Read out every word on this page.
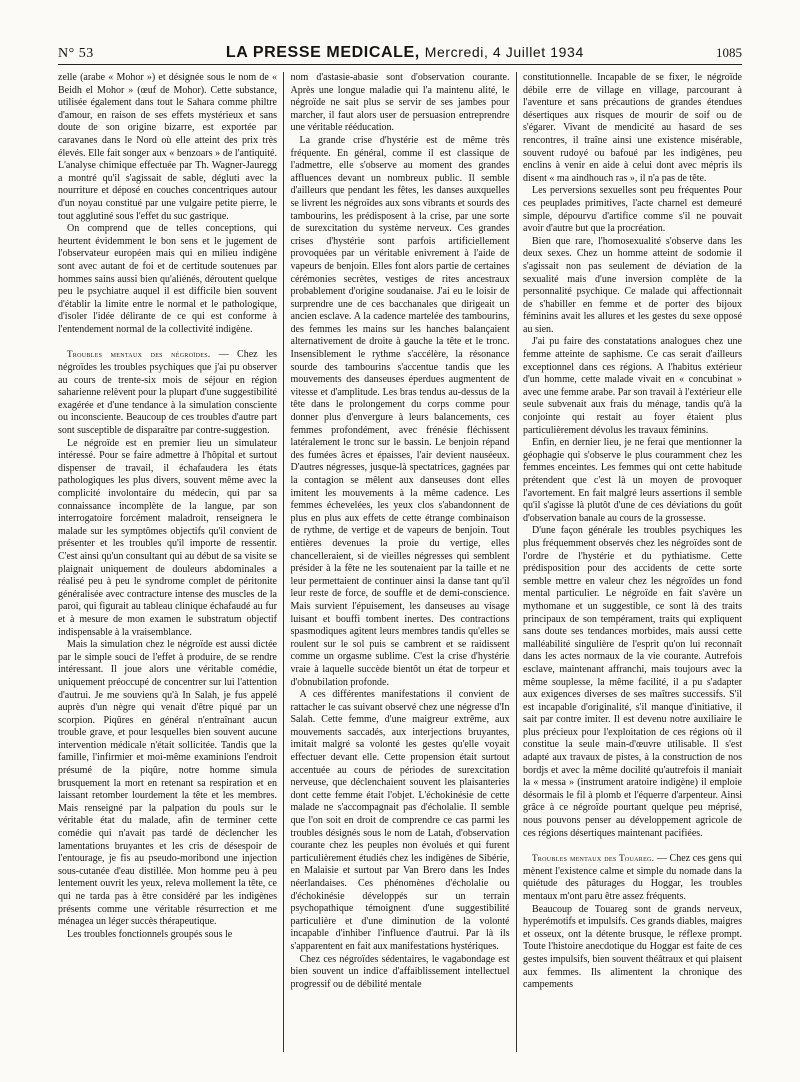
N° 53	LA PRESSE MEDICALE, Mercredi, 4 Juillet 1934	1085

zelle (arabe « Mohor ») et désignée sous le nom de « Beidh el Mohor » (œuf de Mohor). Cette substance, utilisée également dans tout le Sahara comme philtre d'amour, en raison de ses effets mystérieux et sans doute de son origine bizarre, est exportée par caravanes dans le Nord où elle atteint des prix très élevés. Elle fait songer aux « benzoars » de l'antiquité. L'analyse chimique effectuée par Th. Wagner-Jauregg a montré qu'il s'agissait de sable, dégluti avec la nourriture et déposé en couches concentriques autour d'un noyau constitué par une vulgaire petite pierre, le tout agglutiné sous l'effet du suc gastrique.

On comprend que de telles conceptions, qui heurtent évidemment le bon sens et le jugement de l'observateur européen mais qui en milieu indigène sont avec autant de foi et de certitude soutenues par hommes sains aussi bien qu'aliénés, déroutent quelque peu le psychiatre auquel il est difficile bien souvent d'établir la limite entre le normal et le pathologique, d'isoler l'idée délirante de ce qui est conforme à l'entendement normal de la collectivité indigène.

Troubles mentaux des négroïdes. — Chez les négroïdes les troubles psychiques que j'ai pu observer au cours de trente-six mois de séjour en région saharienne relèvent pour la plupart d'une suggestibilité exagérée et d'une tendance à la simulation consciente ou inconsciente. Beaucoup de ces troubles d'autre part sont susceptible de disparaître par contre-suggestion.

Le négroïde est en premier lieu un simulateur intéressé. Pour se faire admettre à l'hôpital et surtout dispenser de travail, il échafaudera les états pathologiques les plus divers, souvent même avec la complicité involontaire du médecin, qui par sa connaissance incomplète de la langue, par son interrogatoire forcément maladroit, renseignera le malade sur les symptômes objectifs qu'il convient de présenter et les troubles qu'il importe de ressentir. C'est ainsi qu'un consultant qui au début de sa visite se plaignait uniquement de douleurs abdominales a réalisé peu à peu le syndrome complet de péritonite généralisée avec contracture intense des muscles de la paroi, qui figurait au tableau clinique échafaudé au fur et à mesure de mon examen le substratum objectif indispensable à la vraisemblance.

Mais la simulation chez le négroïde est aussi dictée par le simple souci de l'effet à produire, de se rendre intéressant. Il joue alors une véritable comédie, uniquement préoccupé de concentrer sur lui l'attention d'autrui. Je me souviens qu'à In Salah, je fus appelé auprès d'un nègre qui venait d'être piqué par un scorpion. Piqûres en général n'entraînant aucun trouble grave, et pour lesquelles bien souvent aucune intervention médicale n'était sollicitée. Tandis que la famille, l'infirmier et moi-même examinions l'endroit présumé de la piqûre, notre homme simula brusquement la mort en retenant sa respiration et en laissant retomber lourdement la tête et les membres. Mais renseigné par la palpation du pouls sur le véritable état du malade, afin de terminer cette comédie qui n'avait pas tardé de déclencher les lamentations bruyantes et les cris de désespoir de l'entourage, je fis au pseudo-moribond une injection sous-cutanée d'eau distillée. Mon homme peu à peu lentement ouvrit les yeux, releva mollement la tête, ce qui ne tarda pas à être considéré par les indigènes présents comme une véritable résurrection et me ménagea un léger succès thérapeutique.

Les troubles fonctionnels groupés sous le

nom d'astasie-abasie sont d'observation courante. Après une longue maladie qui l'a maintenu alité, le négroïde ne sait plus se servir de ses jambes pour marcher, il faut alors user de persuasion entreprendre une véritable rééducation.

La grande crise d'hystérie est de même très fréquente. En général, comme il est classique de l'admettre, elle s'observe au moment des grandes affluences devant un nombreux public. Il semble d'ailleurs que pendant les fêtes, les danses auxquelles se livrent les négroïdes aux sons vibrants et sourds des tambourins, les prédisposent à la crise, par une sorte de surexcitation du système nerveux. Ces grandes crises d'hystérie sont parfois artificiellement provoquées par un véritable enivrement à l'aide de vapeurs de benjoin. Elles font alors partie de certaines cérémonies secrètes, vestiges de rites ancestraux probablement d'origine soudanaise. J'ai eu le loisir de surprendre une de ces bacchanales que dirigeait un ancien esclave. A la cadence martelée des tambourins, des femmes les mains sur les hanches balançaient alternativement de droite à gauche la tête et le tronc. Insensiblement le rythme s'accélère, la résonance sourde des tambourins s'accentue tandis que les mouvements des danseuses éperdues augmentent de vitesse et d'amplitude. Les bras tendus au-dessus de la tête dans le prolongement du corps comme pour donner plus d'envergure à leurs balancements, ces femmes profondément, avec frénésie fléchissent latéralement le tronc sur le bassin. Le benjoin répand des fumées âcres et épaisses, l'air devient nauséeux. D'autres négresses, jusque-là spectatrices, gagnées par la contagion se mêlent aux danseuses dont elles imitent les mouvements à la même cadence. Les femmes échevelées, les yeux clos s'abandonnent de plus en plus aux effets de cette étrange combinaison de rythme, de vertige et de vapeurs de benjoin. Tout entières devenues la proie du vertige, elles chancelleraient, si de vieilles négresses qui semblent présider à la fête ne les soutenaient par la taille et ne leur permettaient de continuer ainsi la danse tant qu'il leur reste de force, de souffle et de demi-conscience. Mais survient l'épuisement, les danseuses au visage luisant et bouffi tombent inertes. Des contractions spasmodiques agitent leurs membres tandis qu'elles se roulent sur le sol puis se cambrent et se raidissent comme un orgasme sublime. C'est la crise d'hystérie vraie à laquelle succède bientôt un état de torpeur et d'obnubilation profonde.

A ces différentes manifestations il convient de rattacher le cas suivant observé chez une négresse d'In Salah. Cette femme, d'une maigreur extrême, aux mouvements saccadés, aux interjections bruyantes, imitait malgré sa volonté les gestes qu'elle voyait effectuer devant elle. Cette propension était surtout accentuée au cours de périodes de surexcitation nerveuse, que déclenchaient souvent les plaisanteries dont cette femme était l'objet. L'échokinésie de cette malade ne s'accompagnait pas d'écholalie. Il semble que l'on soit en droit de comprendre ce cas parmi les troubles désignés sous le nom de Latah, d'observation courante chez les peuples non évolués et qui furent particulièrement étudiés chez les indigènes de Sibérie, en Malaisie et surtout par Van Brero dans les Indes néerlandaises. Ces phénomènes d'écholalie ou d'échokinésie développés sur un terrain psychopathique témoignent d'une suggestibilité particulière et d'une diminution de la volonté incapable d'inhiber l'influence d'autrui. Par là ils s'apparentent en fait aux manifestations hystériques.

Chez ces négroïdes sédentaires, le vagabondage est bien souvent un indice d'affaiblissement intellectuel progressif ou de débilité mentale

constitutionnelle. Incapable de se fixer, le négroïde débile erre de village en village, parcourant à l'aventure et sans précautions de grandes étendues désertiques aux risques de mourir de soif ou de s'égarer. Vivant de mendicité au hasard de ses rencontres, il traîne ainsi une existence misérable, souvent rudoyé ou bafoué par les indigènes, peu enclins à venir en aide à celui dont avec mépris ils disent « ma aindhouch ras », il n'a pas de tête.

Les perversions sexuelles sont peu fréquentes Pour ces peuplades primitives, l'acte charnel est demeuré simple, dépourvu d'artifice comme s'il ne pouvait avoir d'autre but que la procréation.

Bien que rare, l'homosexualité s'observe dans les deux sexes. Chez un homme atteint de sodomie il s'agissait non pas seulement de déviation de la sexualité mais d'une inversion complète de la personnalité psychique. Ce malade qui affectionnait de s'habiller en femme et de porter des bijoux féminins avait les allures et les gestes du sexe opposé au sien.

J'ai pu faire des constatations analogues chez une femme atteinte de saphisme. Ce cas serait d'ailleurs exceptionnel dans ces régions. A l'habitus extérieur d'un homme, cette malade vivait en « concubinat » avec une femme arabe. Par son travail à l'extérieur elle seule subvenait aux frais du ménage, tandis qu'à la conjointe qui restait au foyer étaient plus particulièrement dévolus les travaux féminins.

Enfin, en dernier lieu, je ne ferai que mentionner la géophagie qui s'observe le plus couramment chez les femmes enceintes. Les femmes qui ont cette habitude prétendent que c'est là un moyen de provoquer l'avortement. En fait malgré leurs assertions il semble qu'il s'agisse là plutôt d'une de ces déviations du goût d'observation banale au cours de la grossesse.

D'une façon générale les troubles psychiques les plus fréquemment observés chez les négroïdes sont de l'ordre de l'hystérie et du pythiatisme. Cette prédisposition pour des accidents de cette sorte semble mettre en valeur chez les négroïdes un fond mental particulier. Le négroïde en fait s'avère un mythomane et un suggestible, ce sont là des traits principaux de son tempérament, traits qui expliquent sans doute ses tendances morbides, mais aussi cette malléabilité singulière de l'esprit qu'on lui reconnaît dans les actes normaux de la vie courante. Autrefois esclave, maintenant affranchi, mais toujours avec la même souplesse, la même facilité, il a pu s'adapter aux exigences diverses de ses maîtres successifs. S'il est incapable d'originalité, s'il manque d'initiative, il sait par contre imiter. Il est devenu notre auxiliaire le plus précieux pour l'exploitation de ces régions où il constitue la seule main-d'œuvre utilisable. Il s'est adapté aux travaux de pistes, à la construction de nos bordjs et avec la même docilité qu'autrefois il maniait la « messa » (instrument aratoire indigène) il emploie désormais le fil à plomb et l'équerre d'arpenteur. Ainsi grâce à ce négroïde pourtant quelque peu méprisé, nous pouvons penser au développement agricole de ces régions désertiques maintenant pacifiées.

Troubles mentaux des Touareg. — Chez ces gens qui mènent l'existence calme et simple du nomade dans la quiétude des pâturages du Hoggar, les troubles mentaux m'ont paru être assez fréquents.

Beaucoup de Touareg sont de grands nerveux, hyperémotifs et impulsifs. Ces grands diables, maigres et osseux, ont la détente brusque, le réflexe prompt. Toute l'histoire anecdotique du Hoggar est faite de ces gestes impulsifs, bien souvent théâtraux et qui plaisent aux femmes. Ils alimentent la chronique des campements
